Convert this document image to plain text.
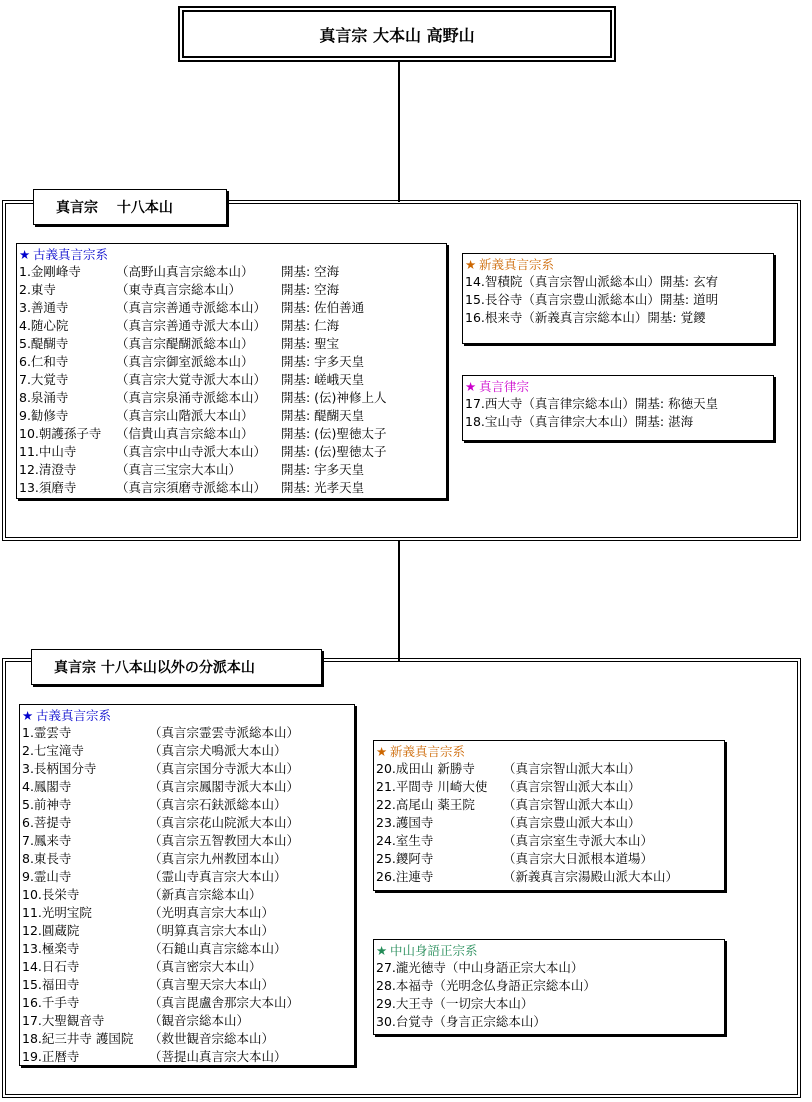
真言宗 大本山 高野山
真言宗　 十八本山
★ 古義真言宗系
1.金剛峰寺	（高野山真言宗総本山）	開基: 空海
2.東寺	（東寺真言宗総本山）	開基: 空海
3.善通寺	（真言宗善通寺派総本山）	開基: 佐伯善通
4.随心院	（真言宗善通寺派大本山）	開基: 仁海
5.醍醐寺	（真言宗醍醐派総本山）	開基: 聖宝
6.仁和寺	（真言宗御室派総本山）	開基: 宇多天皇
7.大覚寺	（真言宗大覚寺派大本山）	開基: 嵯峨天皇
8.泉涌寺	（真言宗泉涌寺派総本山）	開基: (伝)神修上人
9.勧修寺	（真言宗山階派大本山）	開基: 醍醐天皇
10.朝護孫子寺	（信貴山真言宗総本山）	開基: (伝)聖徳太子
11.中山寺	（真言宗中山寺派大本山）	開基: (伝)聖徳太子
12.清澄寺	（真言三宝宗大本山）	開基: 宇多天皇
13.須磨寺	（真言宗須磨寺派総本山）	開基: 光孝天皇
★ 新義真言宗系
14.智積院 （真言宗智山派総本山） 開基: 玄宥
15.長谷寺 （真言宗豊山派総本山） 開基: 道明
16.根来寺 （新義真言宗総本山） 開基: 覚鑁
★ 真言律宗
17.西大寺 （真言律宗総本山） 開基: 称徳天皇
18.宝山寺 （真言律宗大本山） 開基: 湛海
真言宗 十八本山以外の分派本山
★ 古義真言宗系
1.霊雲寺	（真言宗霊雲寺派総本山）
2.七宝滝寺	（真言宗犬鳴派大本山）
3.長柄国分寺	（真言宗国分寺派大本山）
4.鳳閣寺	（真言宗鳳閣寺派大本山）
5.前神寺	（真言宗石鈇派総本山）
6.菩提寺	（真言宗花山院派大本山）
7.鳳来寺	（真言宗五智教団大本山）
8.東長寺	（真言宗九州教団本山）
9.霊山寺	（霊山寺真言宗大本山）
10.長栄寺	（新真言宗総本山）
11.光明宝院	（光明真言宗大本山）
12.圓蔵院	（明算真言宗大本山）
13.極楽寺	（石鎚山真言宗総本山）
14.日石寺	（真言密宗大本山）
15.福田寺	（真言聖天宗大本山）
16.千手寺	（真言毘盧舎那宗大本山）
17.大聖観音寺	（観音宗総本山）
18.紀三井寺 護国院	（救世観音宗総本山）
19.正暦寺	（菩提山真言宗大本山）
★ 新義真言宗系
20.成田山 新勝寺	（真言宗智山派大本山）
21.平間寺 川崎大使	（真言宗智山派大本山）
22.高尾山 薬王院	（真言宗智山派大本山）
23.護国寺	（真言宗豊山派大本山）
24.室生寺	（真言宗室生寺派大本山）
25.鑁阿寺	（真言宗大日派根本道場）
26.注連寺	（新義真言宗湯殿山派大本山）
★ 中山身語正宗系
27.瀧光徳寺 （中山身語正宗大本山）
28.本福寺 （光明念仏身語正宗総本山）
29.大王寺 （一切宗大本山）
30.台覚寺 （身言正宗総本山）
